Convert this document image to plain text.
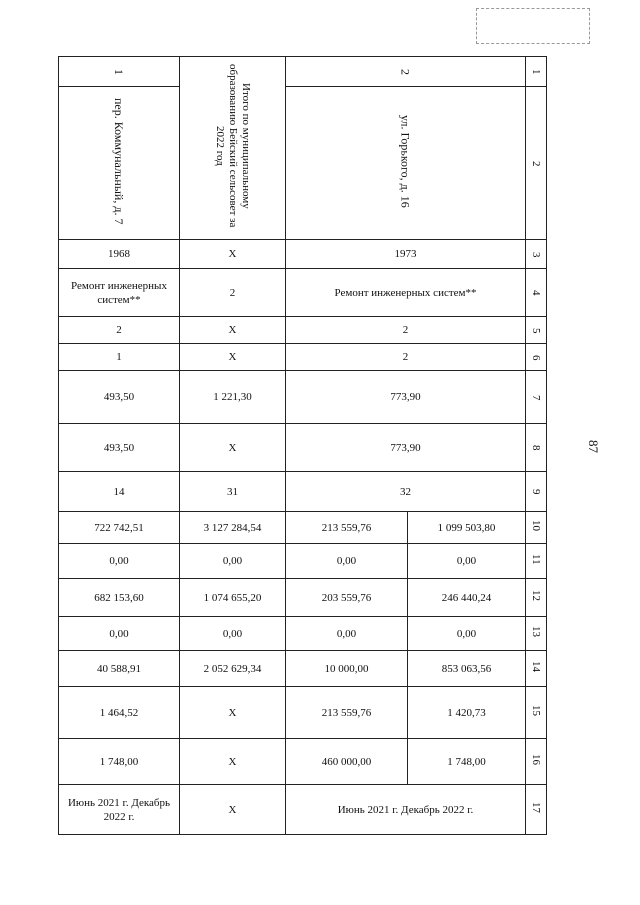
1	Итого по муниципальному образованию Бейский сельсовет за 2022 год	2		1
пер. Коммунальный, д. 7		ул. Горького, д. 16		2
1968	Х	1973		3
Ремонт инженерных систем**	2	Ремонт инженерных систем**		4
2	Х	2		5
1	Х	2		6
493,50	1 221,30	773,90		7
493,50	Х	773,90		8
14	31	32		9
722 742,51	3 127 284,54	213 559,76	1 099 503,80	10
0,00	0,00	0,00	0,00	11
682 153,60	1 074 655,20	203 559,76	246 440,24	12
0,00	0,00	0,00	0,00	13
40 588,91	2 052 629,34	10 000,00	853 063,56	14
1 464,52	Х	213 559,76	1 420,73	15
1 748,00	Х	460 000,00	1 748,00	16
Июнь 2021 г. Декабрь 2022 г.	Х	Июнь 2021 г. Декабрь 2022 г.		17
87
